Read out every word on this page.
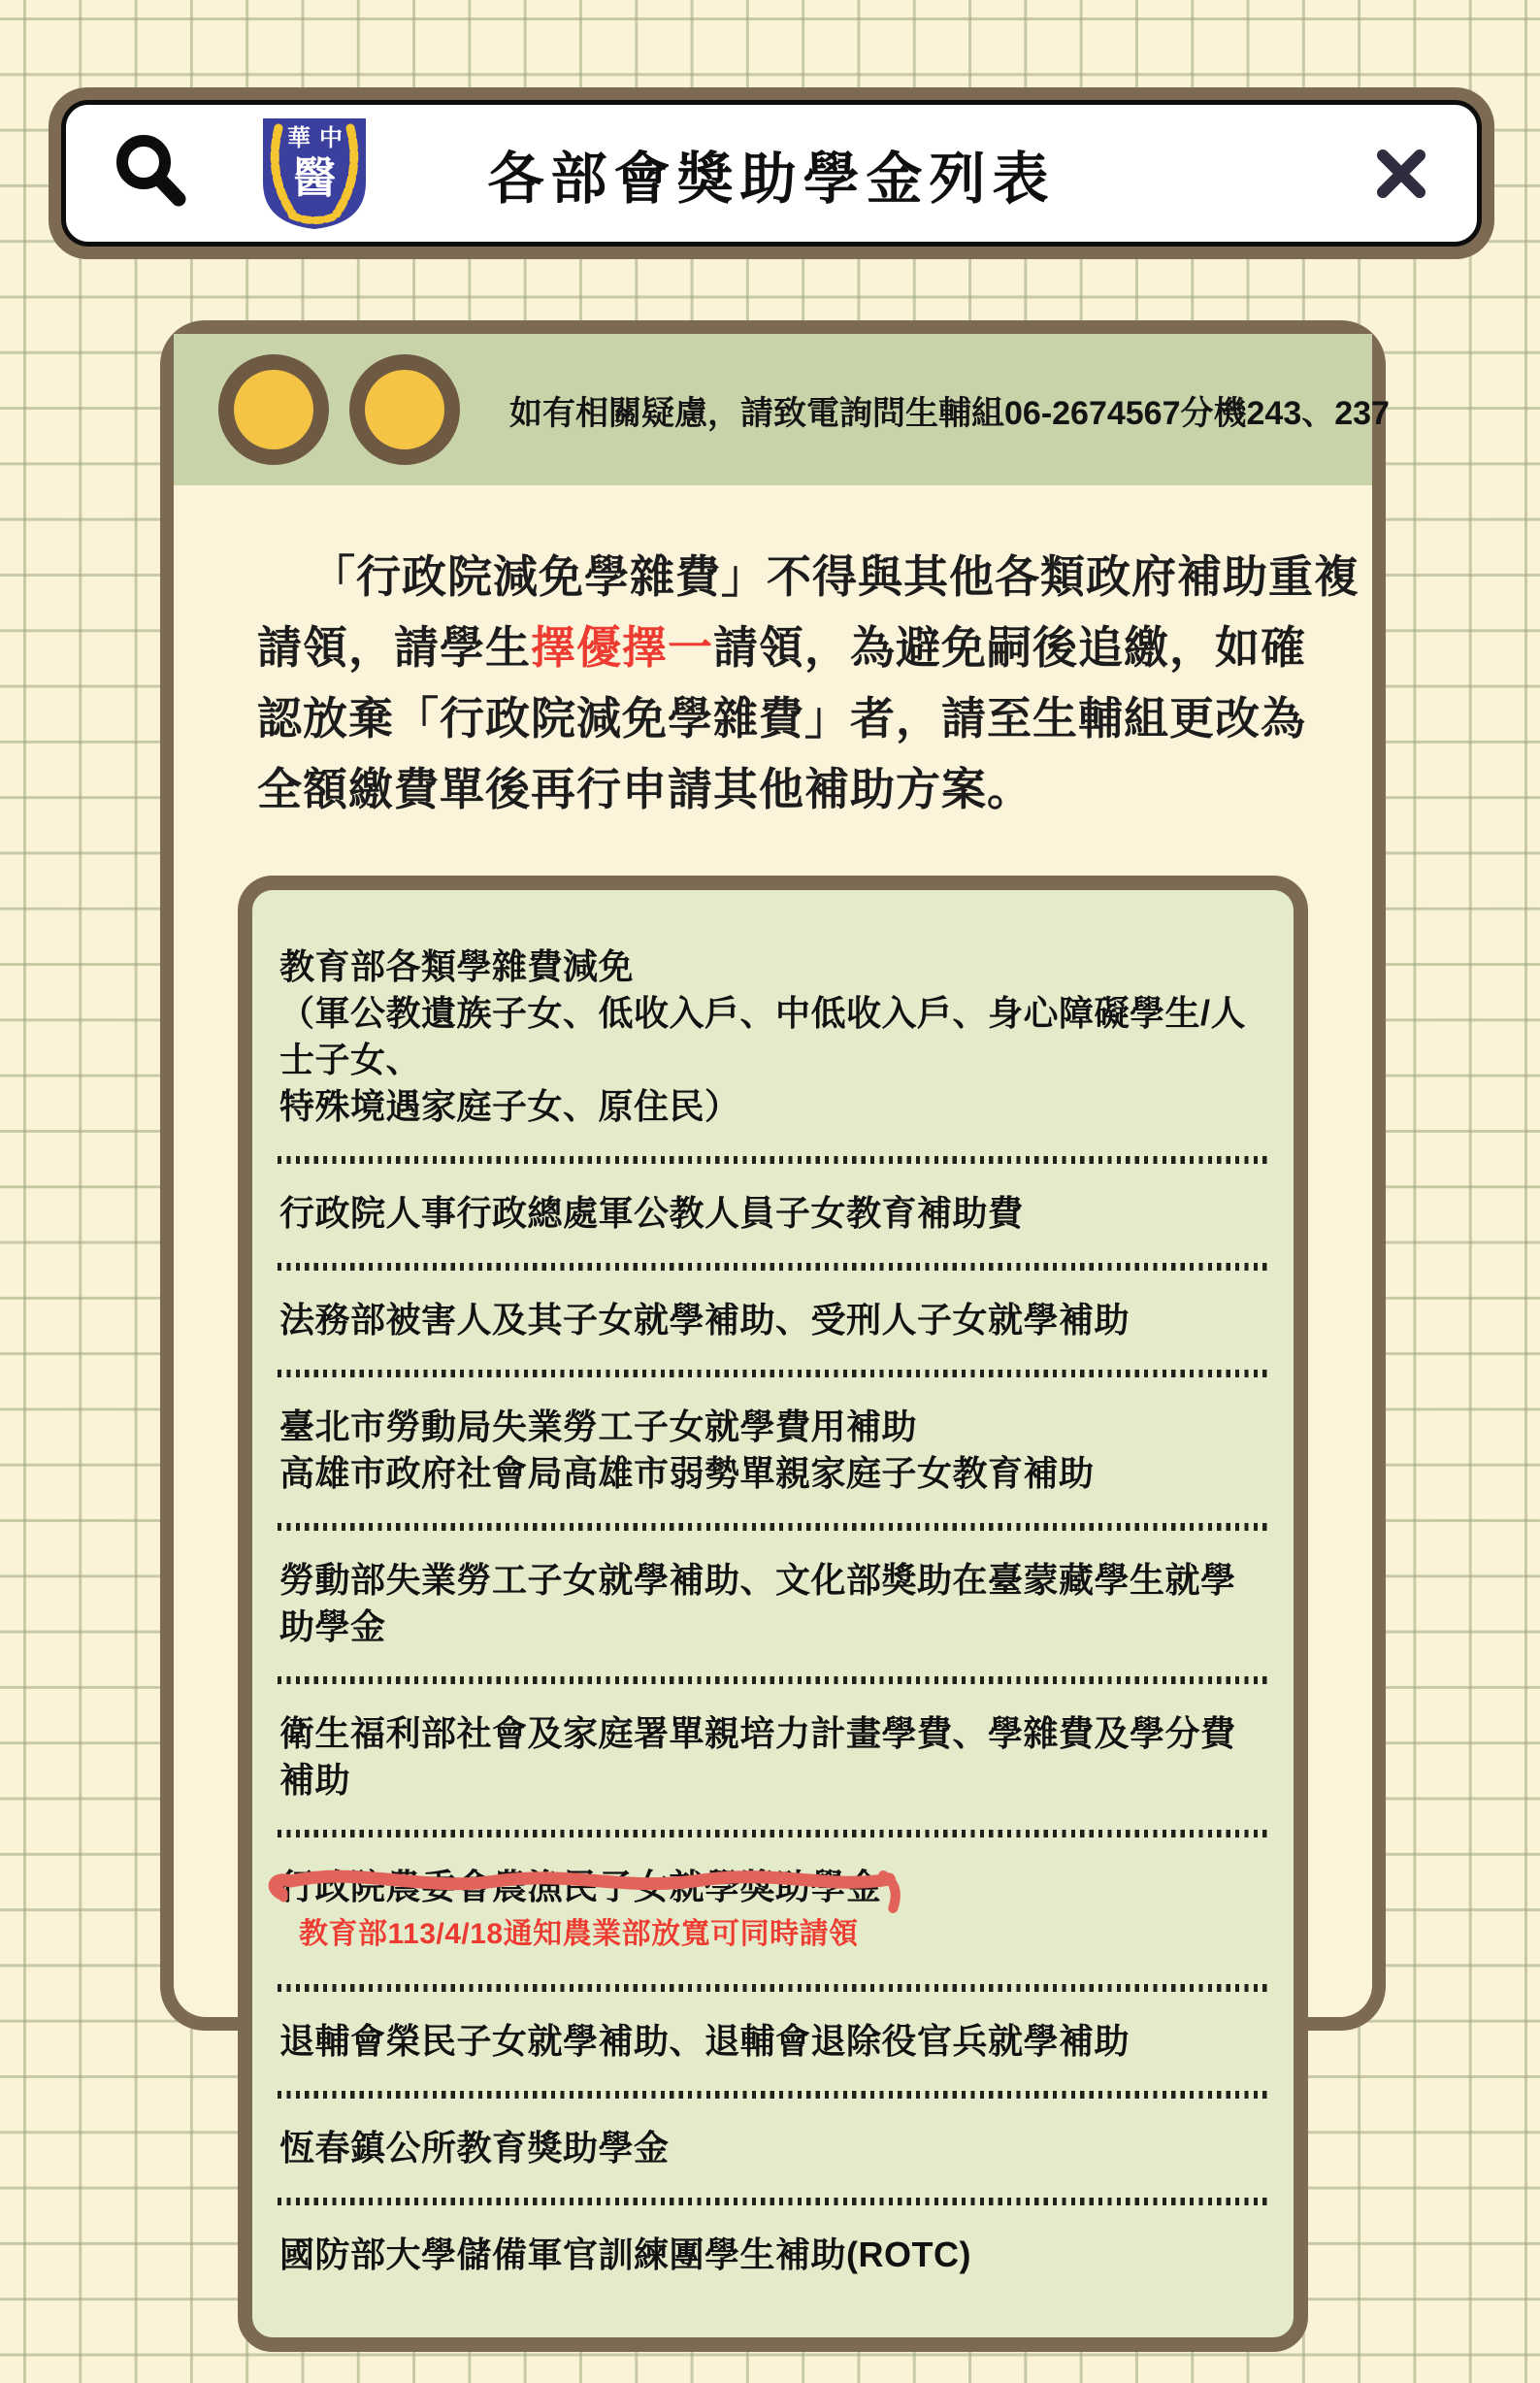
華 中
醫	各部會獎助學金列表
如有相關疑慮，請致電詢問生輔組06-2674567分機243、237
「行政院減免學雜費」不得與其他各類政府補助重複
請領，請學生擇優擇一請領，為避免嗣後追繳，如確
認放棄「行政院減免學雜費」者，請至生輔組更改為
全額繳費單後再行申請其他補助方案。
教育部各類學雜費減免
（軍公教遺族子女、低收入戶、中低收入戶、身心障礙學生/人士子女、
特殊境遇家庭子女、原住民）
行政院人事行政總處軍公教人員子女教育補助費
法務部被害人及其子女就學補助、受刑人子女就學補助
臺北市勞動局失業勞工子女就學費用補助
高雄市政府社會局高雄市弱勢單親家庭子女教育補助
勞動部失業勞工子女就學補助、文化部獎助在臺蒙藏學生就學助學金
衛生福利部社會及家庭署單親培力計畫學費、學雜費及學分費補助
行政院農委會農漁民子女就學獎助學金
教育部113/4/18通知農業部放寬可同時請領
退輔會榮民子女就學補助、退輔會退除役官兵就學補助
恆春鎮公所教育獎助學金
國防部大學儲備軍官訓練團學生補助(ROTC)
